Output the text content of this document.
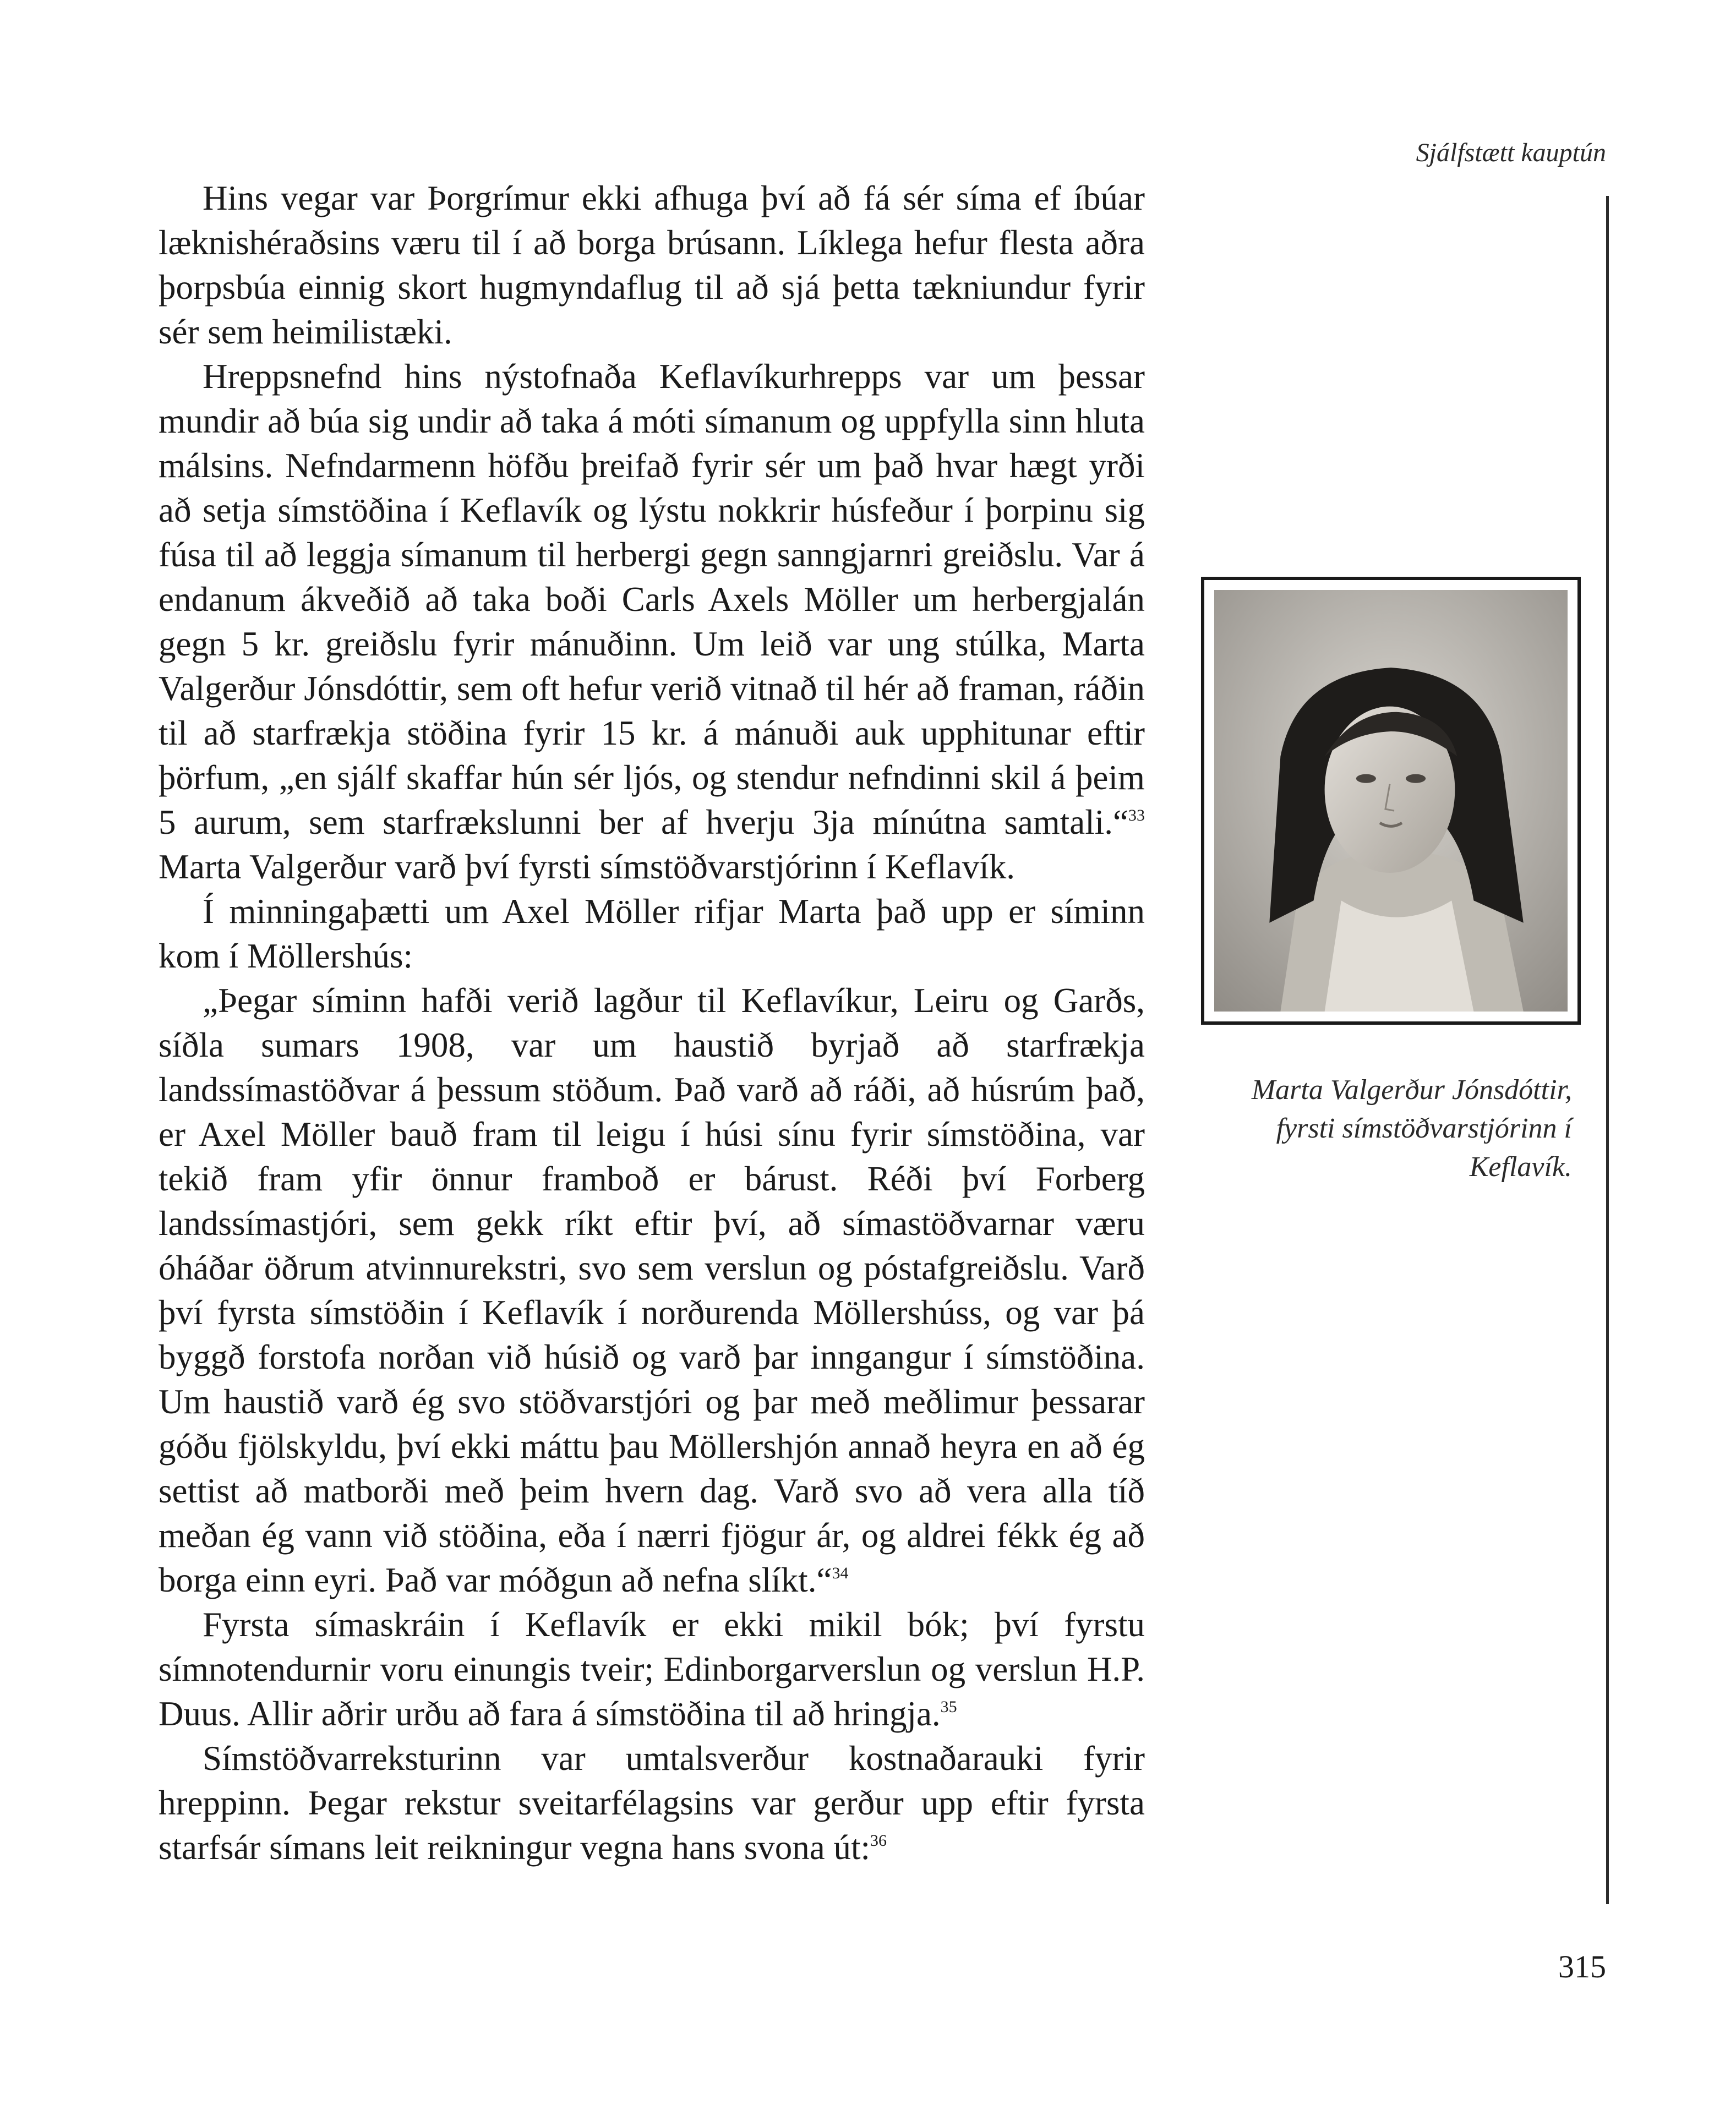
Sjálfstætt kauptún

Hins vegar var Þorgrímur ekki afhuga því að fá sér síma ef íbúar læknishéraðsins væru til í að borga brúsann. Líklega hefur flesta aðra þorpsbúa einnig skort hugmyndaflug til að sjá þetta tækniundur fyrir sér sem heimilistæki.

Hreppsnefnd hins nýstofnaða Keflavíkurhrepps var um þessar mundir að búa sig undir að taka á móti símanum og uppfylla sinn hluta málsins. Nefndarmenn höfðu þreifað fyrir sér um það hvar hægt yrði að setja símstöðina í Keflavík og lýstu nokkrir húsfeður í þorpinu sig fúsa til að leggja símanum til herbergi gegn sanngjarnri greiðslu. Var á endanum ákveðið að taka boði Carls Axels Möller um herbergjalán gegn 5 kr. greiðslu fyrir mánuðinn. Um leið var ung stúlka, Marta Valgerður Jónsdóttir, sem oft hefur verið vitnað til hér að framan, ráðin til að starfrækja stöðina fyrir 15 kr. á mánuði auk upphitunar eftir þörfum, „en sjálf skaffar hún sér ljós, og stendur nefndinni skil á þeim 5 aurum, sem starfrækslunni ber af hverju 3ja mínútna samtali.“$^{33}$ Marta Valgerður varð því fyrsti símstöðvarstjórinn í Keflavík.

Í minningaþætti um Axel Möller rifjar Marta það upp er síminn kom í Möllershús:

„Þegar síminn hafði verið lagður til Keflavíkur, Leiru og Garðs, síðla sumars 1908, var um haustið byrjað að starfrækja landssímastöðvar á þessum stöðum. Það varð að ráði, að húsrúm það, er Axel Möller bauð fram til leigu í húsi sínu fyrir símstöðina, var tekið fram yfir önnur framboð er bárust. Réði því Forberg landssímastjóri, sem gekk ríkt eftir því, að símastöðvarnar væru óháðar öðrum atvinnurekstri, svo sem verslun og póstafgreiðslu. Varð því fyrsta símstöðin í Keflavík í norðurenda Möllershúss, og var þá byggð forstofa norðan við húsið og varð þar inngangur í símstöðina. Um haustið varð ég svo stöðvarstjóri og þar með meðlimur þessarar góðu fjölskyldu, því ekki máttu þau Möllershjón annað heyra en að ég settist að matborði með þeim hvern dag. Varð svo að vera alla tíð meðan ég vann við stöðina, eða í nærri fjögur ár, og aldrei fékk ég að borga einn eyri. Það var móðgun að nefna slíkt.“$^{34}$

Fyrsta símaskráin í Keflavík er ekki mikil bók; því fyrstu símnotendurnir voru einungis tveir; Edinborgarverslun og verslun H.P. Duus. Allir aðrir urðu að fara á símstöðina til að hringja.$^{35}$

Símstöðvarreksturinn var umtalsverður kostnaðarauki fyrir hreppinn. Þegar rekstur sveitarfélagsins var gerður upp eftir fyrsta starfsár símans leit reikningur vegna hans svona út:$^{36}$

Marta Valgerður Jónsdóttir,
fyrsti símstöðvarstjórinn í
Keflavík.
315
